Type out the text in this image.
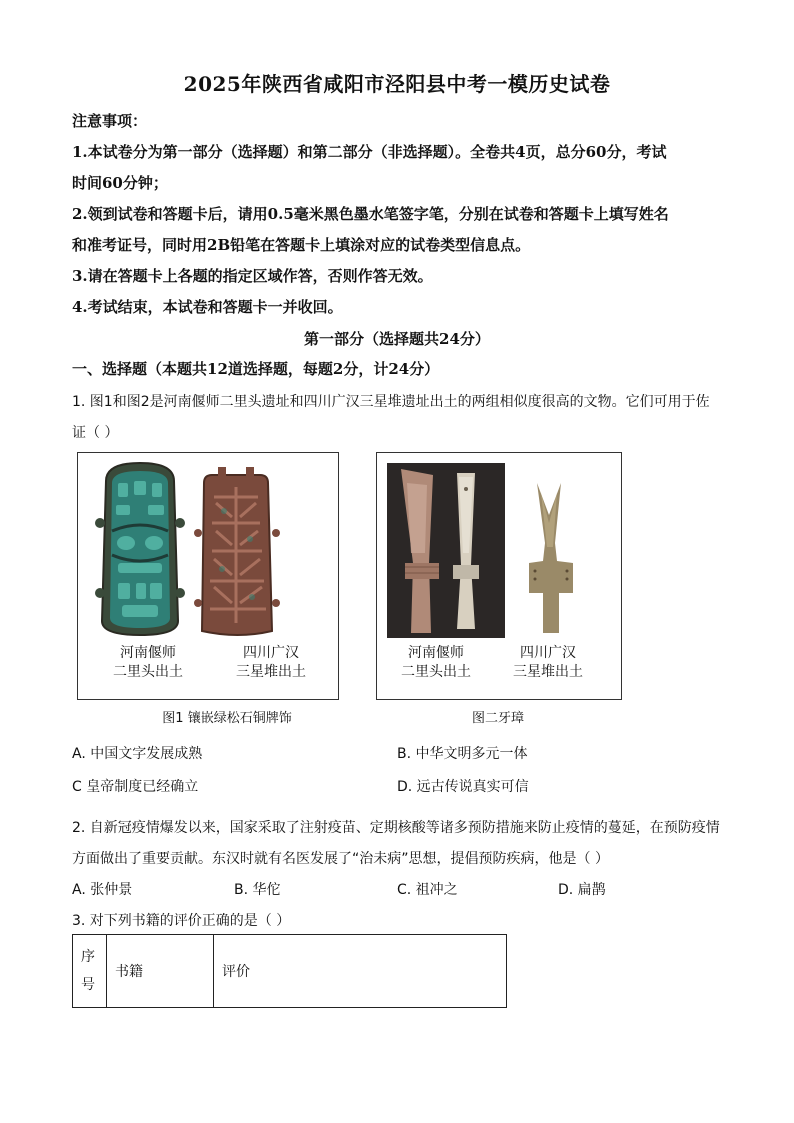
2025年陕西省咸阳市泾阳县中考一模历史试卷
注意事项：
1.本试卷分为第一部分（选择题）和第二部分（非选择题）。全卷共4页，总分60分，考试
时间60分钟；
2.领到试卷和答题卡后，请用0.5毫米黑色墨水笔签字笔，分别在试卷和答题卡上填写姓名
和准考证号，同时用2B铅笔在答题卡上填涂对应的试卷类型信息点。
3.请在答题卡上各题的指定区域作答，否则作答无效。
4.考试结束，本试卷和答题卡一并收回。
第一部分（选择题共24分）
一、选择题（本题共12道选择题，每题2分，计24分）
1. 图1和图2是河南偃师二里头遗址和四川广汉三星堆遗址出土的两组相似度很高的文物。它们可用于佐
证（ ）
河南偃师
二里头出土
四川广汉
三星堆出土
图1 镶嵌绿松石铜牌饰
河南偃师
二里头出土
四川广汉
三星堆出土
图二牙璋
A. 中国文字发展成熟	B. 中华文明多元一体
C 皇帝制度已经确立	D. 远古传说真实可信
2. 自新冠疫情爆发以来，国家采取了注射疫苗、定期核酸等诸多预防措施来防止疫情的蔓延，在预防疫情
方面做出了重要贡献。东汉时就有名医发展了“治未病”思想，提倡预防疾病，他是（ ）
A. 张仲景	B. 华佗	C. 祖冲之	D. 扁鹊
3. 对下列书籍的评价正确的是（ ）
序
号
	书籍	评价
